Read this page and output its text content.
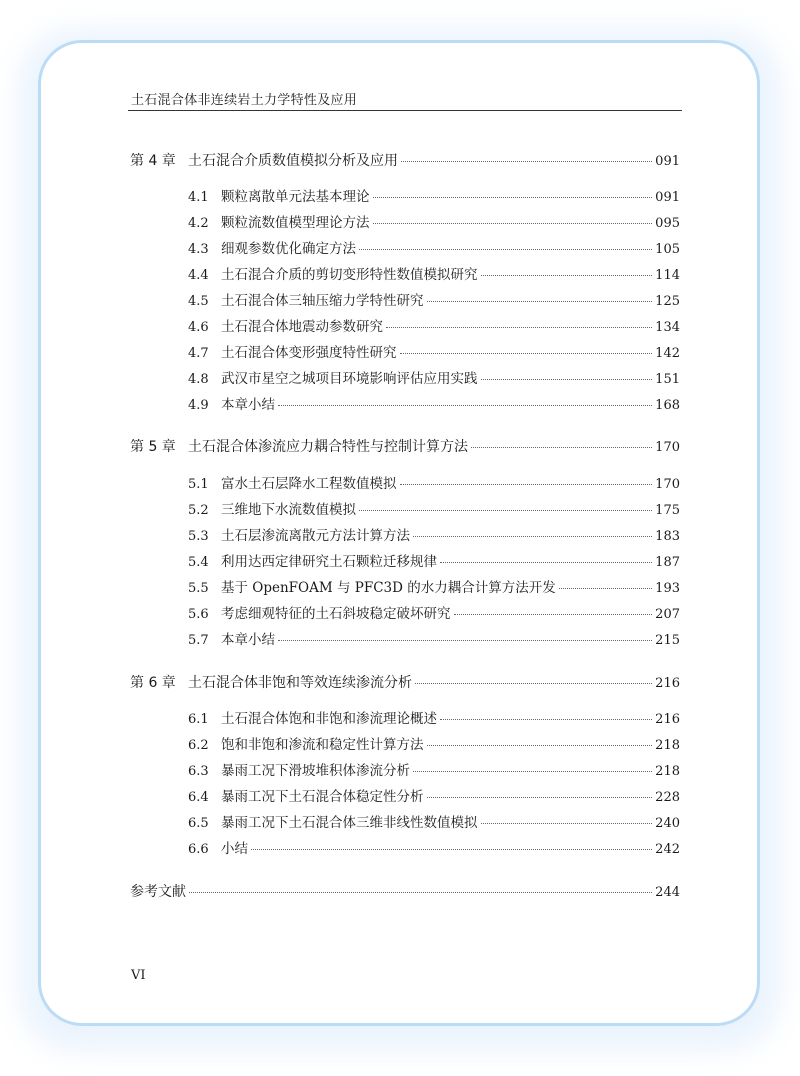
土石混合体非连续岩土力学特性及应用
第 4 章 土石混合介质数值模拟分析及应用	091
4.1 颗粒离散单元法基本理论	091
4.2 颗粒流数值模型理论方法	095
4.3 细观参数优化确定方法	105
4.4 土石混合介质的剪切变形特性数值模拟研究	114
4.5 土石混合体三轴压缩力学特性研究	125
4.6 土石混合体地震动参数研究	134
4.7 土石混合体变形强度特性研究	142
4.8 武汉市星空之城项目环境影响评估应用实践	151
4.9 本章小结	168
第 5 章 土石混合体渗流应力耦合特性与控制计算方法	170
5.1 富水土石层降水工程数值模拟	170
5.2 三维地下水流数值模拟	175
5.3 土石层渗流离散元方法计算方法	183
5.4 利用达西定律研究土石颗粒迁移规律	187
5.5 基于 OpenFOAM 与 PFC3D 的水力耦合计算方法开发	193
5.6 考虑细观特征的土石斜坡稳定破坏研究	207
5.7 本章小结	215
第 6 章 土石混合体非饱和等效连续渗流分析	216
6.1 土石混合体饱和非饱和渗流理论概述	216
6.2 饱和非饱和渗流和稳定性计算方法	218
6.3 暴雨工况下滑坡堆积体渗流分析	218
6.4 暴雨工况下土石混合体稳定性分析	228
6.5 暴雨工况下土石混合体三维非线性数值模拟	240
6.6 小结	242
参考文献	244
VI
